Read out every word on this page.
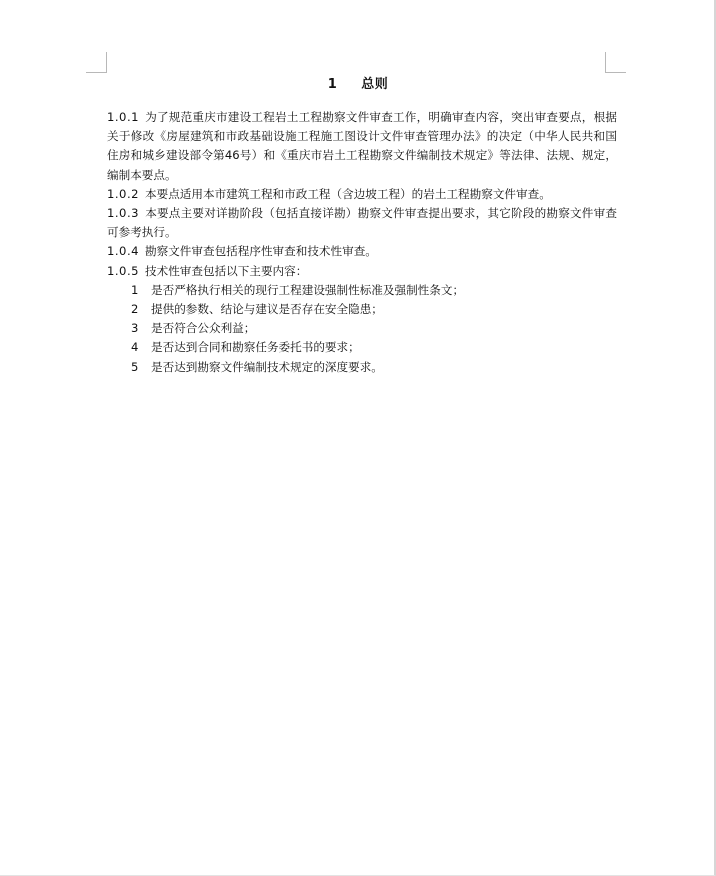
1 总则

1.0.1 为了规范重庆市建设工程岩土工程勘察文件审查工作，明确审查内容，突出审查要点，根据关于修改《房屋建筑和市政基础设施工程施工图设计文件审查管理办法》的决定（中华人民共和国住房和城乡建设部令第46号）和《重庆市岩土工程勘察文件编制技术规定》等法律、法规、规定，编制本要点。

1.0.2 本要点适用本市建筑工程和市政工程（含边坡工程）的岩土工程勘察文件审查。

1.0.3 本要点主要对详勘阶段（包括直接详勘）勘察文件审查提出要求，其它阶段的勘察文件审查可参考执行。

1.0.4 勘察文件审查包括程序性审查和技术性审查。

1.0.5 技术性审查包括以下主要内容：

1 是否严格执行相关的现行工程建设强制性标准及强制性条文；

2 提供的参数、结论与建议是否存在安全隐患；

3 是否符合公众利益；

4 是否达到合同和勘察任务委托书的要求；

5 是否达到勘察文件编制技术规定的深度要求。
